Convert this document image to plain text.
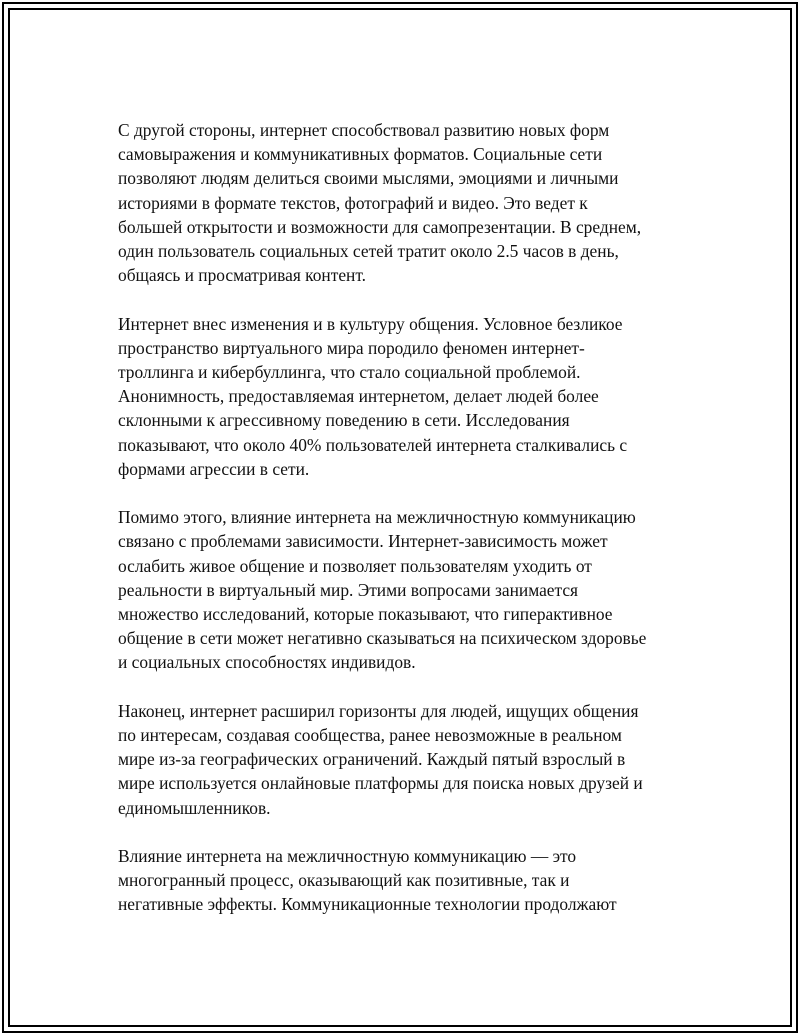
С другой стороны, интернет способствовал развитию новых форм
самовыражения и коммуникативных форматов. Социальные сети
позволяют людям делиться своими мыслями, эмоциями и личными
историями в формате текстов, фотографий и видео. Это ведет к
большей открытости и возможности для самопрезентации. В среднем,
один пользователь социальных сетей тратит около 2.5 часов в день,
общаясь и просматривая контент.
Интернет внес изменения и в культуру общения. Условное безликое
пространство виртуального мира породило феномен интернет-
троллинга и кибербуллинга, что стало социальной проблемой.
Анонимность, предоставляемая интернетом, делает людей более
склонными к агрессивному поведению в сети. Исследования
показывают, что около 40% пользователей интернета сталкивались с
формами агрессии в сети.
Помимо этого, влияние интернета на межличностную коммуникацию
связано с проблемами зависимости. Интернет-зависимость может
ослабить живое общение и позволяет пользователям уходить от
реальности в виртуальный мир. Этими вопросами занимается
множество исследований, которые показывают, что гиперактивное
общение в сети может негативно сказываться на психическом здоровье
и социальных способностях индивидов.
Наконец, интернет расширил горизонты для людей, ищущих общения
по интересам, создавая сообщества, ранее невозможные в реальном
мире из-за географических ограничений. Каждый пятый взрослый в
мире используется онлайновые платформы для поиска новых друзей и
единомышленников.
Влияние интернета на межличностную коммуникацию — это
многогранный процесс, оказывающий как позитивные, так и
негативные эффекты. Коммуникационные технологии продолжают
